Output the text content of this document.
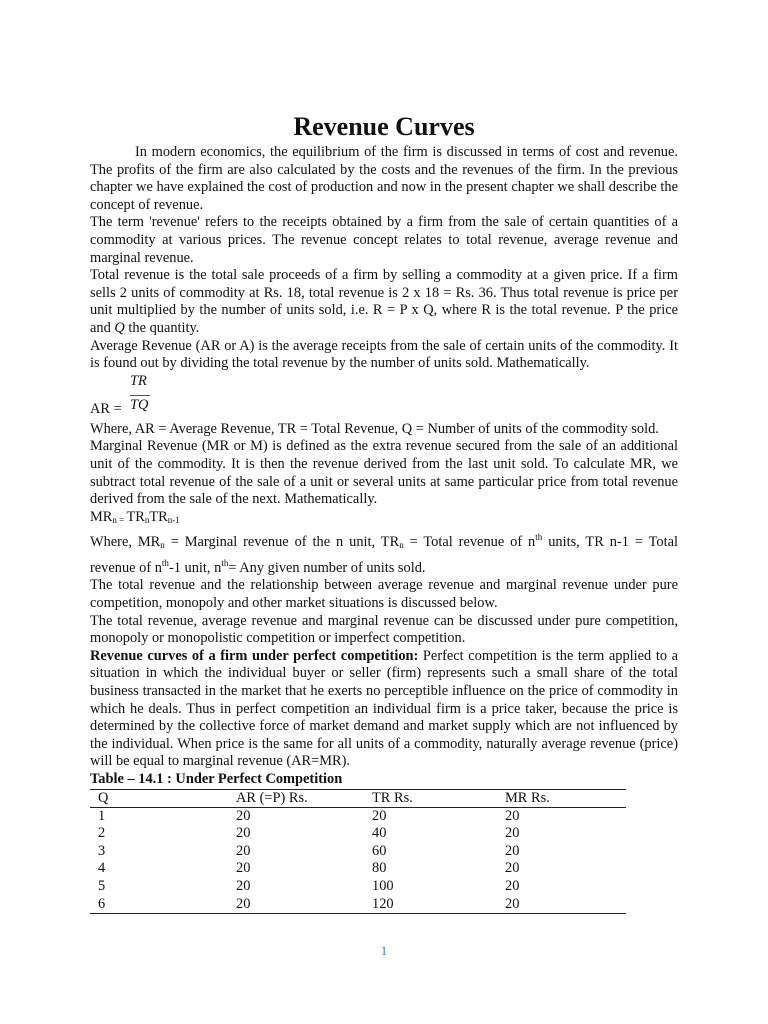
Revenue Curves

In modern economics, the equilibrium of the firm is discussed in terms of cost and revenue. The profits of the firm are also calculated by the costs and the revenues of the firm. In the previous chapter we have explained the cost of production and now in the present chapter we shall describe the concept of revenue.

The term 'revenue' refers to the receipts obtained by a firm from the sale of certain quantities of a commodity at various prices. The revenue concept relates to total revenue, average revenue and marginal revenue.

Total revenue is the total sale proceeds of a firm by selling a commodity at a given price. If a firm sells 2 units of commodity at Rs. 18, total revenue is 2 x 18 = Rs. 36. Thus total revenue is price per unit multiplied by the number of units sold, i.e. R = P x Q, where R is the total revenue. P the price and Q the quantity.

Average Revenue (AR or A) is the average receipts from the sale of certain units of the commodity. It is found out by dividing the total revenue by the number of units sold. Mathematically.

AR =
TR
TQ

Where, AR = Average Revenue, TR = Total Revenue, Q = Number of units of the commodity sold.

Marginal Revenue (MR or M) is defined as the extra revenue secured from the sale of an additional unit of the commodity. It is then the revenue derived from the last unit sold. To calculate MR, we subtract total revenue of the sale of a unit or several units at same particular price from total revenue derived from the sale of the next. Mathematically.

$MR_n$ $_=$ $TR_nTR_{n-1}$

Where, $MR_n$ = Marginal revenue of the n unit, $TR_n$ = Total revenue of $n^{th}$ units, TR n-1 = Total revenue of $n^{th}-1$ unit, $n^{th}=$ Any given number of units sold.

The total revenue and the relationship between average revenue and marginal revenue under pure competition, monopoly and other market situations is discussed below.

The total revenue, average revenue and marginal revenue can be discussed under pure competition, monopoly or monopolistic competition or imperfect competition.

Revenue curves of a firm under perfect competition: Perfect competition is the term applied to a situation in which the individual buyer or seller (firm) represents such a small share of the total business transacted in the market that he exerts no perceptible influence on the price of commodity in which he deals. Thus in perfect competition an individual firm is a price taker, because the price is determined by the collective force of market demand and market supply which are not influenced by the individual. When price is the same for all units of a commodity, naturally average revenue (price) will be equal to marginal revenue (AR=MR).

Table – 14.1 : Under Perfect Competition

Q	AR (=P) Rs.	TR Rs.	MR Rs.
1	20	20	20
2	20	40	20
3	20	60	20
4	20	80	20
5	20	100	20
6	20	120	20
1
